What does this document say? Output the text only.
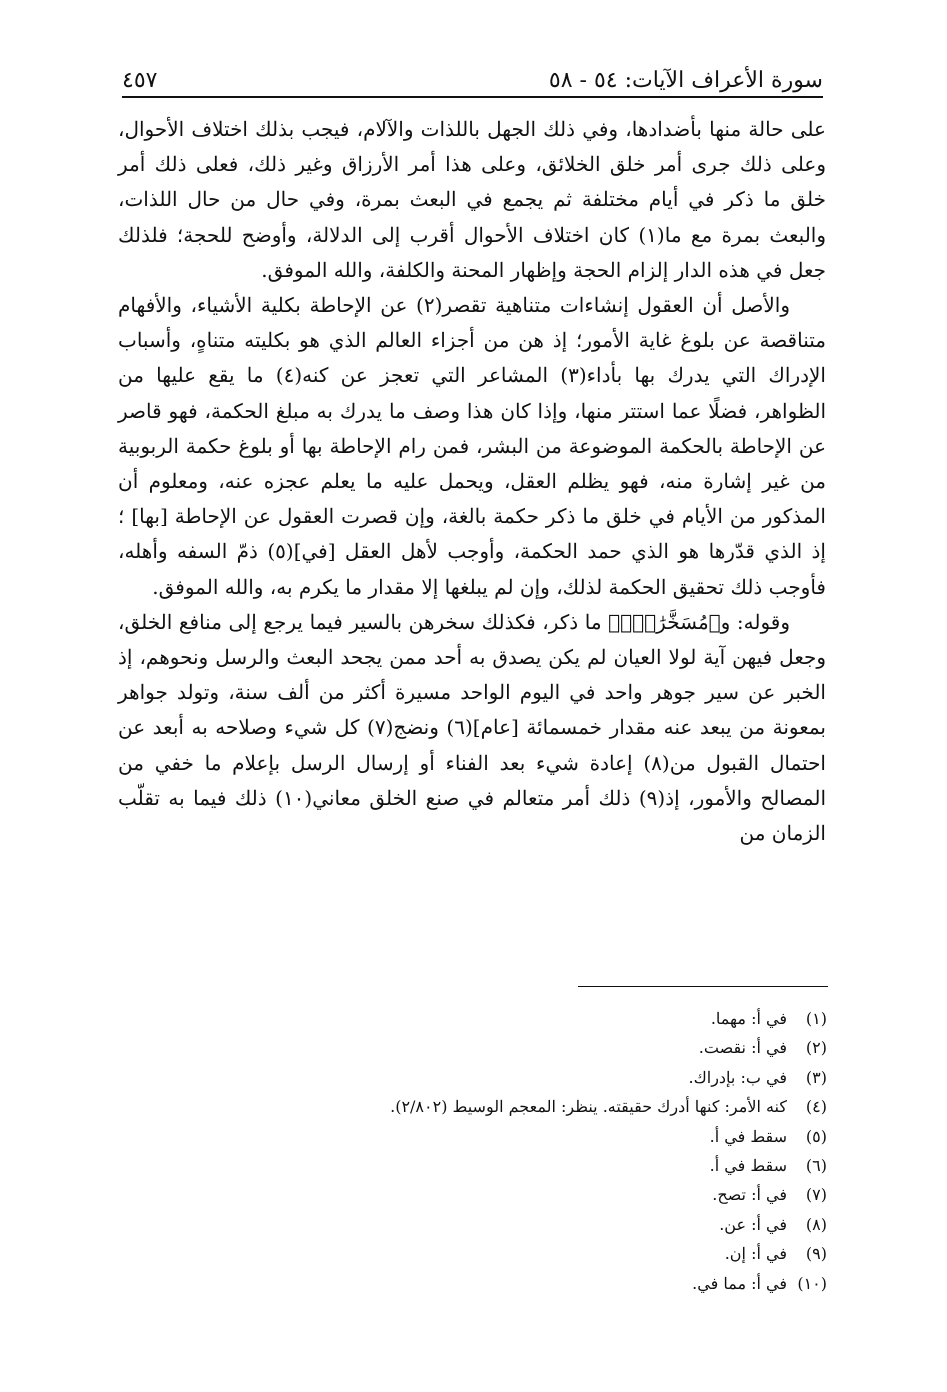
سورة الأعراف الآيات: ٥٤ - ٥٨
٤٥٧

على حالة منها بأضدادها، وفي ذلك الجهل باللذات والآلام، فيجب بذلك اختلاف الأحوال، وعلى ذلك جرى أمر خلق الخلائق، وعلى هذا أمر الأرزاق وغير ذلك، فعلى ذلك أمر خلق ما ذكر في أيام مختلفة ثم يجمع في البعث بمرة، وفي حال من حال اللذات، والبعث بمرة مع ما(١) كان اختلاف الأحوال أقرب إلى الدلالة، وأوضح للحجة؛ فلذلك جعل في هذه الدار إلزام الحجة وإظهار المحنة والكلفة، والله الموفق.

والأصل أن العقول إنشاءات متناهية تقصر(٢) عن الإحاطة بكلية الأشياء، والأفهام متناقصة عن بلوغ غاية الأمور؛ إذ هن من أجزاء العالم الذي هو بكليته متناهٍ، وأسباب الإدراك التي يدرك بها بأداء(٣) المشاعر التي تعجز عن كنه(٤) ما يقع عليها من الظواهر، فضلًا عما استتر منها، وإذا كان هذا وصف ما يدرك به مبلغ الحكمة، فهو قاصر عن الإحاطة بالحكمة الموضوعة من البشر، فمن رام الإحاطة بها أو بلوغ حكمة الربوبية من غير إشارة منه، فهو يظلم العقل، ويحمل عليه ما يعلم عجزه عنه، ومعلوم أن المذكور من الأيام في خلق ما ذكر حكمة بالغة، وإن قصرت العقول عن الإحاطة [بها] ؛ إذ الذي قدّرها هو الذي حمد الحكمة، وأوجب لأهل العقل [في](٥) ذمّ السفه وأهله، فأوجب ذلك تحقيق الحكمة لذلك، وإن لم يبلغها إلا مقدار ما يكرم به، والله الموفق.

وقوله: و﴿مُسَخَّرَٰتٍۭ﴾ ما ذكر، فكذلك سخرهن بالسير فيما يرجع إلى منافع الخلق، وجعل فيهن آية لولا العيان لم يكن يصدق به أحد ممن يجحد البعث والرسل ونحوهم، إذ الخبر عن سير جوهر واحد في اليوم الواحد مسيرة أكثر من ألف سنة، وتولد جواهر بمعونة من يبعد عنه مقدار خمسمائة [عام](٦) ونضج(٧) كل شيء وصلاحه به أبعد عن احتمال القبول من(٨) إعادة شيء بعد الفناء أو إرسال الرسل بإعلام ما خفي من المصالح والأمور، إذ(٩) ذلك أمر متعالم في صنع الخلق معاني(١٠) ذلك فيما به تقلّب الزمان من

(١)
في أ: مهما.
(٢)
في أ: نقصت.
(٣)
في ب: بإدراك.
(٤)
كنه الأمر: كنها أدرك حقيقته. ينظر: المعجم الوسيط (٢/٨٠٢).
(٥)
سقط في أ.
(٦)
سقط في أ.
(٧)
في أ: تصح.
(٨)
في أ: عن.
(٩)
في أ: إن.
(١٠)
في أ: مما في.
